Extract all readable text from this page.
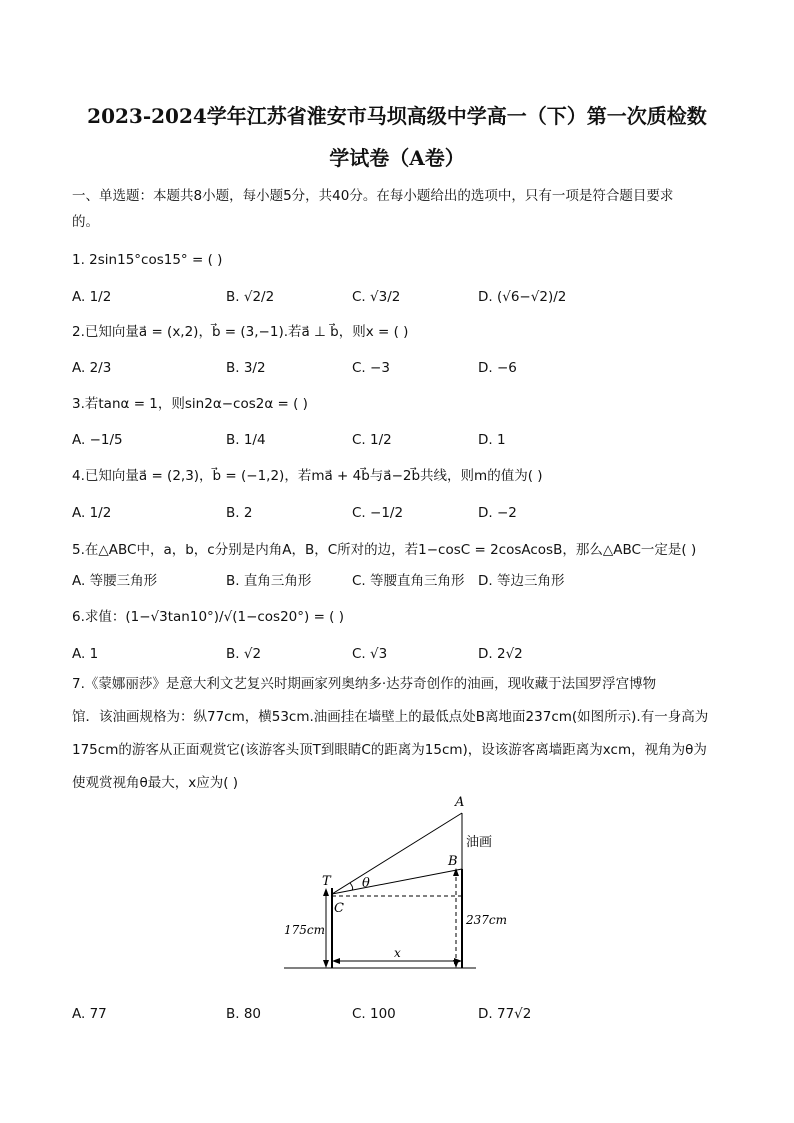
2023-2024学年江苏省淮安市马坝高级中学高一（下）第一次质检数
学试卷（A卷）
一、单选题：本题共8小题，每小题5分，共40分。在每小题给出的选项中，只有一项是符合题目要求
的。
1. 2sin15°cos15° = ( )
A. 1/2	B. √2/2	C. √3/2	D. (√6−√2)/2
2.已知向量a⃗ = (x,2)，b⃗ = (3,−1).若a⃗ ⊥ b⃗，则x = ( )
A. 2/3	B. 3/2	C. −3	D. −6
3.若tanα = 1，则sin2α−cos2α = ( )
A. −1/5	B. 1/4	C. 1/2	D. 1
4.已知向量a⃗ = (2,3)，b⃗ = (−1,2)，若ma⃗ + 4b⃗与a⃗−2b⃗共线，则m的值为( )
A. 1/2	B. 2	C. −1/2	D. −2
5.在△ABC中，a，b，c分别是内角A，B，C所对的边，若1−cosC = 2cosAcosB，那么△ABC一定是( )
A. 等腰三角形	B. 直角三角形	C. 等腰直角三角形 D. 等边三角形
6.求值：(1−√3tan10°)/√(1−cos20°) = ( )
A. 1	B. √2	C. √3	D. 2√2
7.《蒙娜丽莎》是意大利文艺复兴时期画家列奥纳多·达芬奇创作的油画，现收藏于法国罗浮宫博物
馆．该油画规格为：纵77cm，横53cm.油画挂在墙壁上的最低点处B离地面237cm(如图所示).有一身高为
175cm的游客从正面观赏它(该游客头顶T到眼睛C的距离为15cm)，设该游客离墙距离为xcm，视角为θ为
使观赏视角θ最大，x应为( )
A
油画
B
T θ
C
175cm
237cm
x
A. 77	B. 80	C. 100	D. 77√2
